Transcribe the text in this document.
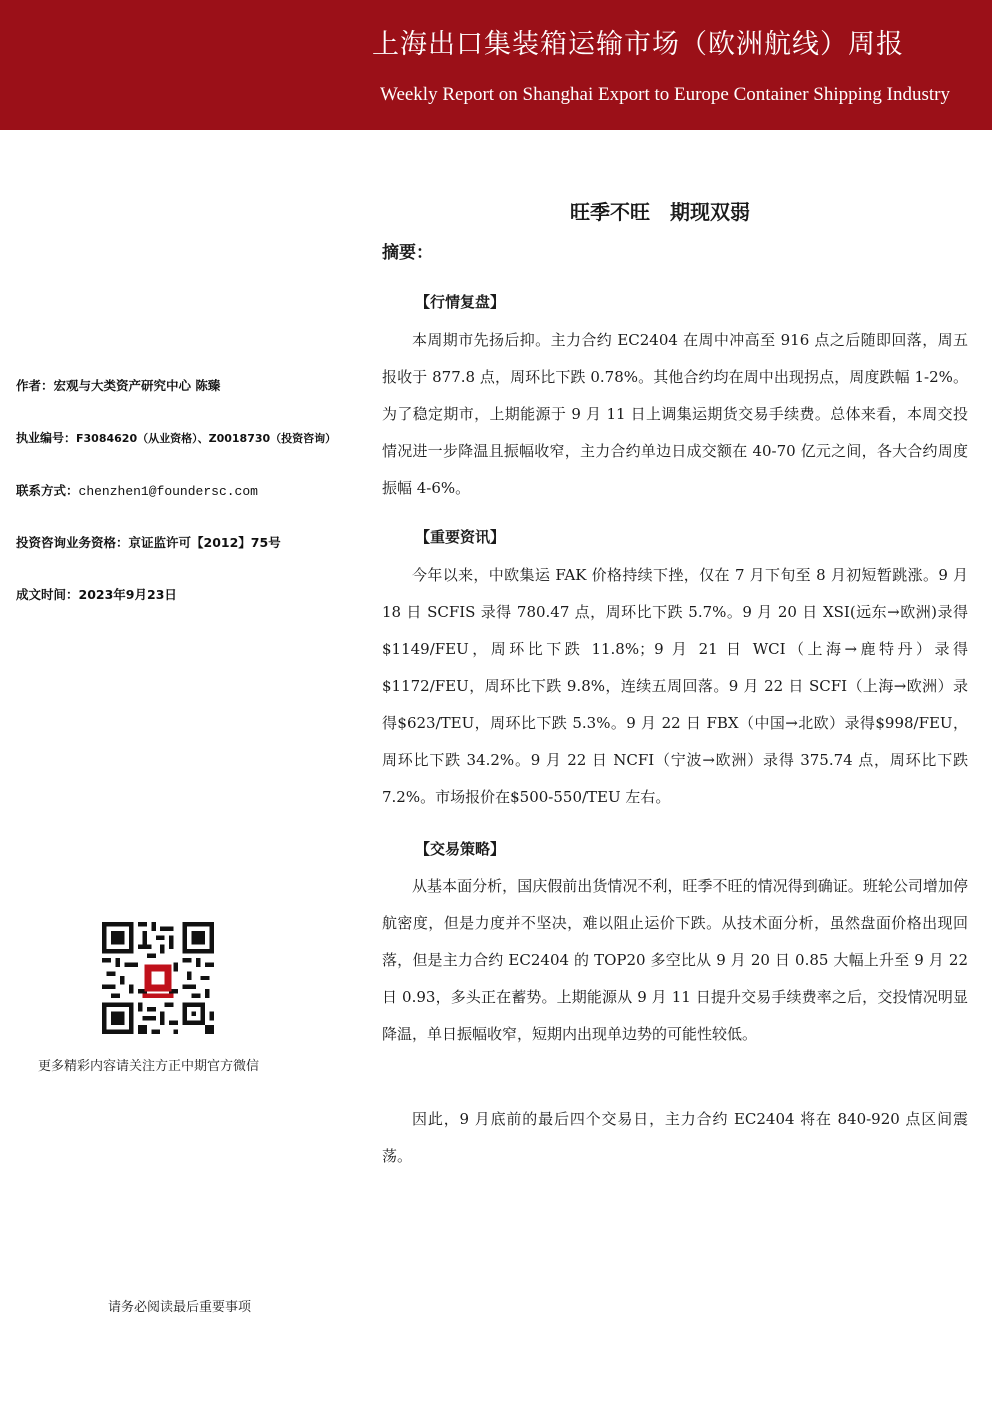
上海出口集装箱运输市场（欧洲航线）周报
Weekly Report on Shanghai Export to Europe Container Shipping Industry
作者：宏观与大类资产研究中心 陈臻
执业编号：F3084620（从业资格）、Z0018730（投资咨询）
联系方式：chenzhen1@foundersc.com
投资咨询业务资格：京证监许可【2012】75号
成文时间：2023年9月23日
更多精彩内容请关注方正中期官方微信
请务必阅读最后重要事项
旺季不旺　期现双弱
摘要：
【行情复盘】

本周期市先扬后抑。主力合约 EC2404 在周中冲高至 916 点之后随即回落，周五报收于 877.8 点，周环比下跌 0.78%。其他合约均在周中出现拐点，周度跌幅 1-2%。为了稳定期市，上期能源于 9 月 11 日上调集运期货交易手续费。总体来看，本周交投情况进一步降温且振幅收窄，主力合约单边日成交额在 40-70 亿元之间，各大合约周度振幅 4-6%。

【重要资讯】

今年以来，中欧集运 FAK 价格持续下挫，仅在 7 月下旬至 8 月初短暂跳涨。9 月 18 日 SCFIS 录得 780.47 点，周环比下跌 5.7%。9 月 20 日 XSI(远东→欧洲)录得$1149/FEU，周环比下跌 11.8%；9 月 21 日 WCI（上海→鹿特丹）录得$1172/FEU，周环比下跌 9.8%，连续五周回落。9 月 22 日 SCFI（上海→欧洲）录得$623/TEU，周环比下跌 5.3%。9 月 22 日 FBX（中国→北欧）录得$998/FEU，周环比下跌 34.2%。9 月 22 日 NCFI（宁波→欧洲）录得 375.74 点，周环比下跌 7.2%。市场报价在$500-550/TEU 左右。

【交易策略】

从基本面分析，国庆假前出货情况不利，旺季不旺的情况得到确证。班轮公司增加停航密度，但是力度并不坚决，难以阻止运价下跌。从技术面分析，虽然盘面价格出现回落，但是主力合约 EC2404 的 TOP20 多空比从 9 月 20 日 0.85 大幅上升至 9 月 22 日 0.93，多头正在蓄势。上期能源从 9 月 11 日提升交易手续费率之后，交投情况明显降温，单日振幅收窄，短期内出现单边势的可能性较低。

因此，9 月底前的最后四个交易日，主力合约 EC2404 将在 840-920 点区间震荡。
